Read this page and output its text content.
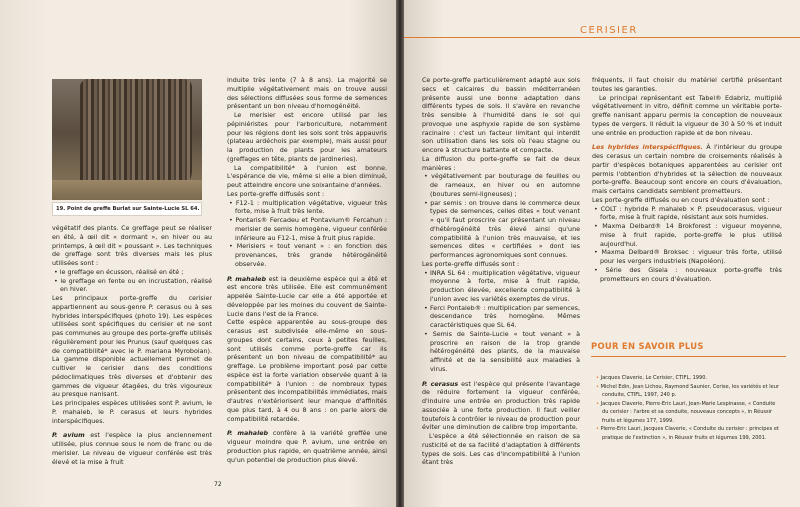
19. Point de greffe Burlat sur Sainte-Lucie SL 64.

végétatif des plants. Ce greffage peut se réaliser en été, à œil dit « dormant », en hiver ou au printemps, à œil dit « poussant ». Les techniques de greffage sont très diverses mais les plus utilisées sont :

• le greffage en écusson, réalisé en été ;
• le greffage en fente ou en incrustation, réalisé en hiver.

Les principaux porte-greffe du cerisier appartiennent au sous-genre P. cerasus ou à ses hybrides interspécifiques (photo 19). Les espèces utilisées sont spécifiques du cerisier et ne sont pas communes au groupe des porte-greffe utilisés régulièrement pour les Prunus (sauf quelques cas de compatibilité* avec le P. mariana Myrobolan). La gamme disponible actuellement permet de cultiver le cerisier dans des conditions pédoclimatiques très diverses et d'obtenir des gammes de vigueur étagées, du très vigoureux au presque nanisant.

Les principales espèces utilisées sont P. avium, le P. mahaleb, le P. cerasus et leurs hybrides interspécifiques.

P. avium est l'espèce la plus anciennement utilisée, plus connue sous le nom de franc ou de merisier. Le niveau de vigueur conférée est très élevé et la mise à fruit

induite très lente (7 à 8 ans). La majorité se multiplie végétativement mais on trouve aussi des sélections diffusées sous forme de semences présentant un bon niveau d'homogénéité.

Le merisier est encore utilisé par les pépiniéristes pour l'arboriculture, notamment pour les régions dont les sols sont très appauvris (plateau ardéchois par exemple), mais aussi pour la production de plants pour les amateurs (greffages en tête, plants de jardineries).

La compatibilité* à l'union est bonne. L'espérance de vie, même si elle a bien diminué, peut atteindre encore une soixantaine d'années.

Les porte-greffe diffusés sont :

• F12-1 : multiplication végétative, vigueur très forte, mise à fruit très lente.
• Pontaris® Fercadeu et Pontavium® Fercahun : merisier de semis homogène, vigueur conférée inférieure au F12-1, mise à fruit plus rapide.
• Merisiers « tout venant » : en fonction des provenances, très grande hétérogénéité observée.

P. mahaleb est la deuxième espèce qui a été et est encore très utilisée. Elle est communément appelée Sainte-Lucie car elle a été apportée et développée par les moines du couvent de Sainte-Lucie dans l'est de la France.

Cette espèce apparentée au sous-groupe des cerasus est subdivisée elle-même en sous-groupes dont certains, ceux à petites feuilles, sont utilisés comme porte-greffe car ils présentent un bon niveau de compatibilité* au greffage. Le problème important posé par cette espèce est la forte variation observée quant à la compatibilité* à l'union : de nombreux types présentent des incompatibilités immédiates, mais d'autres n'extériorisent leur manque d'affinités que plus tard, à 4 ou 8 ans : on parle alors de compatibilité retardée.

P. mahaleb confère à la variété greffée une vigueur moindre que P. avium, une entrée en production plus rapide, en quatrième année, ainsi qu'un potentiel de production plus élevé.

72
CERISIER

Ce porte-greffe particulièrement adapté aux sols secs et calcaires du bassin méditerranéen présente aussi une bonne adaptation dans différents types de sols. Il s'avère en revanche très sensible à l'humidité dans le sol qui provoque une asphyxie rapide de son système racinaire : c'est un facteur limitant qui interdit son utilisation dans les sols où l'eau stagne ou encore à structure battante et compacte.

La diffusion du porte-greffe se fait de deux manières :

• végétativement par bouturage de feuilles ou de rameaux, en hiver ou en automne (boutures semi-ligneuses) ;
• par semis : on trouve dans le commerce deux types de semences, celles dites « tout venant » qu'il faut proscrire car présentant un niveau d'hétérogénéité très élevé ainsi qu'une compatibilité à l'union très mauvaise, et les semences dites « certifiées » dont les performances agronomiques sont connues.

Les porte-greffe diffusés sont :

• INRA SL 64 : multiplication végétative, vigueur moyenne à forte, mise à fruit rapide, production élevée, excellente compatibilité à l'union avec les variétés exemptes de virus.
• Ferci Pontaleb® : multiplication par semences, descendance très homogène. Mêmes caractéristiques que SL 64.
• Semis de Sainte-Lucie « tout venant » à proscrire en raison de la trop grande hétérogénéité des plants, de la mauvaise affinité et de la sensibilité aux maladies à virus.

P. cerasus est l'espèce qui présente l'avantage de réduire fortement la vigueur conférée, d'induire une entrée en production très rapide associée à une forte production. Il faut veiller toutefois à contrôler le niveau de production pour éviter une diminution de calibre trop importante.

L'espèce a été sélectionnée en raison de sa rusticité et de sa facilité d'adaptation à différents types de sols. Les cas d'incompatibilité à l'union étant très

fréquents, il faut choisir du matériel certifié présentant toutes les garanties.

Le principal représentant est Tabel® Edabriz, multiplié végétativement in vitro, définit comme un véritable porte-greffe nanisant apparu permis la conception de nouveaux types de vergers. Il réduit la vigueur de 30 à 50 % et induit une entrée en production rapide et de bon niveau.

Les hybrides interspécifiques. À l'intérieur du groupe des cerasus un certain nombre de croisements réalisés à partir d'espèces botaniques apparentées au cerisier ont permis l'obtention d'hybrides et la sélection de nouveaux porte-greffe. Beaucoup sont encore en cours d'évaluation, mais certains candidats semblent prometteurs.

Les porte-greffe diffusés ou en cours d'évaluation sont :

• COLT : hybride P. mahaleb × P. pseudocerasus, vigueur forte, mise à fruit rapide, résistant aux sols humides.
• Maxma Delbard® 14 Brokforest : vigueur moyenne, mise à fruit rapide, porte-greffe le plus utilisé aujourd'hui.
• Maxma Delbard® Broksec : vigueur très forte, utilisé pour les vergers industriels (Napoléon).
• Série des Gisela : nouveaux porte-greffe très prometteurs en cours d'évaluation.
POUR EN SAVOIR PLUS
• Jacques Claverie, Le Cerisier, CTIFL, 1990.
• Michel Edin, Jean Lichou, Raymond Saunier, Cerise, les variétés et leur conduite, CTIFL, 1997, 240 p.
• Jacques Claverie, Pierre-Eric Lauri, Jean-Marie Lespinasse, « Conduite du cerisier : l'arbre et sa conduite, nouveaux concepts », in Réussir fruits et légumes 177, 1999.
• Pierre-Eric Lauri, Jacques Claverie, « Conduite du cerisier : principes et pratique de l'extinction », in Réussir fruits et légumes 199, 2001.
